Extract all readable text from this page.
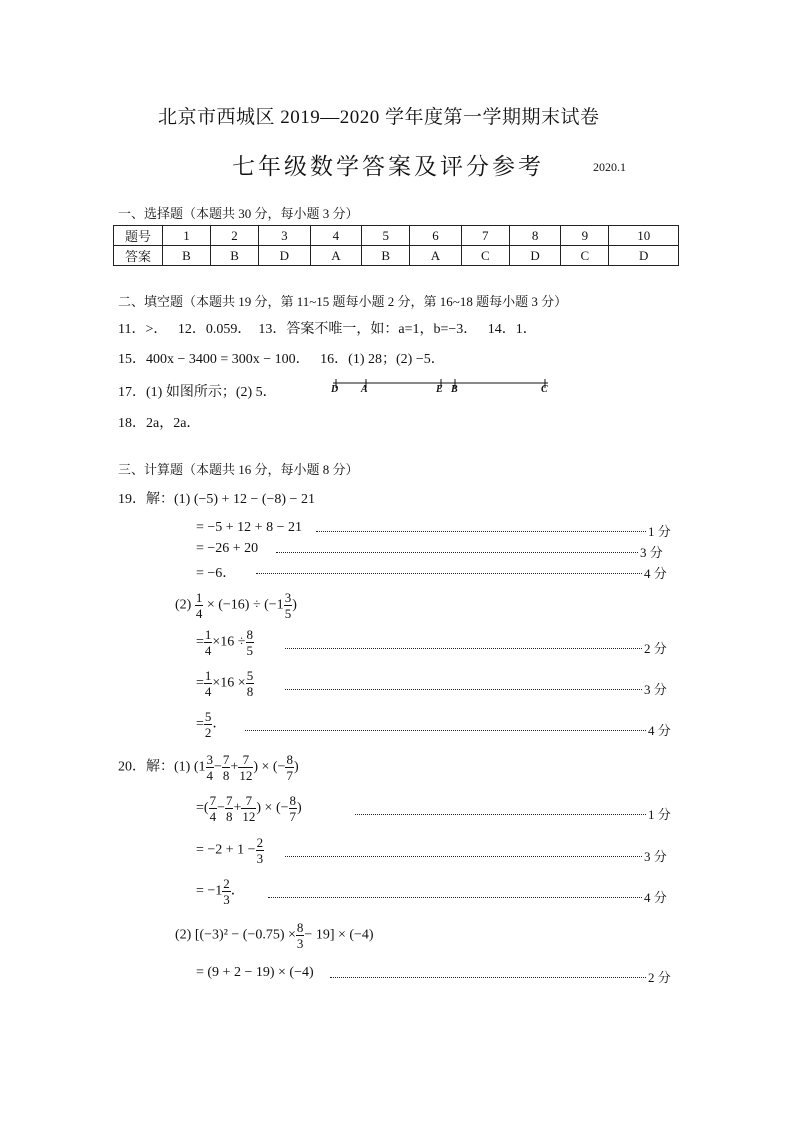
北京市西城区 2019—2020 学年度第一学期期末试卷
七年级数学答案及评分参考	2020.1
一、选择题（本题共 30 分，每小题 3 分）
题号	1	2	3	4	5	6	7	8	9	10
答案	B	B	D	A	B	A	C	D	C	D
二、填空题（本题共 19 分，第 11~15 题每小题 2 分，第 16~18 题每小题 3 分）
11．>．　 12．0.059．　13．答案不唯一，如：a=1，b=−3．　 14．1．
15．400x − 3400 = 300x − 100．　 16．(1) 28；(2) −5．
17．(1) 如图所示；(2) 5．	D A	E B	C
18．2a，2a．
三、计算题（本题共 16 分，每小题 8 分）
19．解：(1) (−5) + 12 − (−8) − 21
= −5 + 12 + 8 − 21	1 分
= −26 + 20	3 分
= −6．	4 分
$(2) \frac{1}{4} \times (-16) \div (-1 \frac{3}{5}$ )
= $\frac{1}{4} \times 16 \div \frac{8}{5}$	2 分
= $\frac{1}{4} \times 16 \times \frac{5}{8}$	3 分
= $\frac{5}{2}$ ．	4 分
20．解：(1) ($1 \frac{3}{4} - \frac{7}{8} + \frac{7}{12}$ ) × (− $\frac{8}{7}$ )
=( $\frac{7}{4} - \frac{7}{8} + \frac{7}{12}$ ) × (− $\frac{8}{7}$ )	1 分
= $-2 + 1 - \frac{2}{3}$	3 分
= $-1 \frac{2}{3}$ ．	4 分
(2) $[(-3)^2 - (-0.75) \times \frac{8}{3} - 19] \times (-4)$
= (9 + 2 − 19) × (−4)	2 分
